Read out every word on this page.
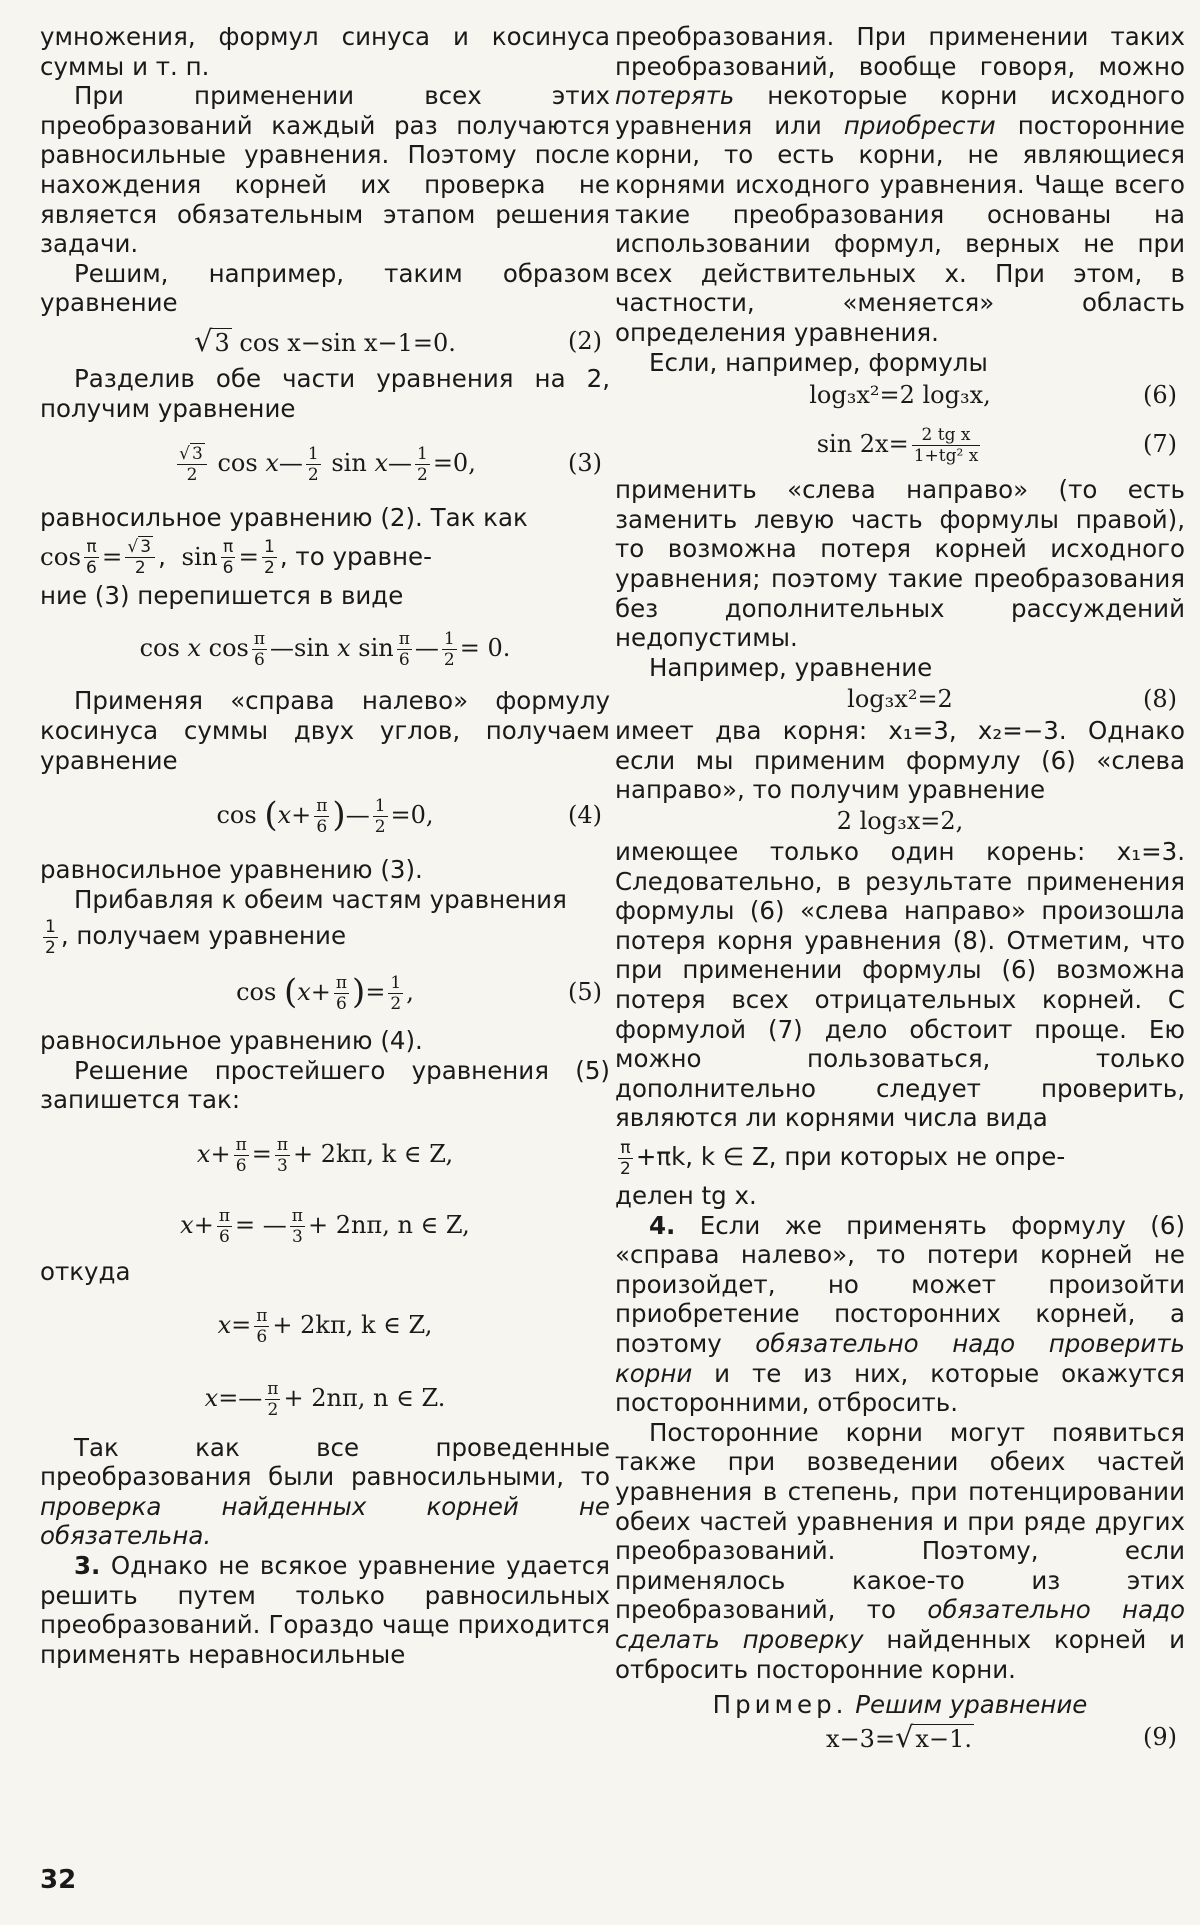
умножения, формул синуса и косинуса суммы и т. п.

При применении всех этих преобразований каждый раз получаются равносильные уравнения. Поэтому после нахождения корней их проверка не является обязательным этапом решения задачи.

Решим, например, таким образом уравнение

√3 cos x−sin x−1=0.	(2)

Разделив обе части уравнения на 2, получим уравнение

$\frac{√ 3}{2}$ cos x— $\frac{1}{2}$ sin x— $\frac{1}{2} =0$,	(3)

равносильное уравнению (2). Так как

$\cos \frac{\pi}{6} = \frac{√ 3}{2}$ ,  $\sin \frac{\pi}{6} = \frac{1}{2}$ , то уравне-

ние (3) перепишется в виде

cos x $\cos \frac{\pi}{6}$ —sin x $\sin \frac{\pi}{6}$ — $\frac{1}{2} = 0$.

Применяя «справа налево» формулу косинуса суммы двух углов, получаем уравнение

$\cos (x+ \frac{\pi}{6}$ )— $\frac{1}{2} =0$,	(4)

равносильное уравнению (3).

Прибавляя к обеим частям уравнения

$\frac{1}{2}$ , получаем уравнение

$\cos (x+ \frac{\pi}{6}$ )= $\frac{1}{2}$ ,	(5)

равносильное уравнению (4).

Решение простейшего уравнения (5) запишется так:

$x+ \frac{\pi}{6} = \frac{\pi}{3} + 2k\pi$, k ∈ Z,
$x+ \frac{\pi}{6}$ = — $\frac{\pi}{3} + 2n\pi$, n ∈ Z,

откуда

$x= \frac{\pi}{6} + 2k\pi$, k ∈ Z,
x=— $\frac{\pi}{2} + 2n\pi$, n ∈ Z.

Так как все проведенные преобразования были равносильными, то проверка найденных корней не обязательна.

3. Однако не всякое уравнение удается решить путем только равносильных преобразований. Гораздо чаще приходится применять неравносильные

преобразования. При применении таких преобразований, вообще говоря, можно потерять некоторые корни исходного уравнения или приобрести посторонние корни, то есть корни, не являющиеся корнями исходного уравнения. Чаще всего такие преобразования основаны на использовании формул, верных не при всех действительных x. При этом, в частности, «меняется» область определения уравнения.

Если, например, формулы

log₃x²=2 log₃x,	(6)
$\sin 2x= \frac{\text{2 tg x}}{\text{1+tg² x}}$	(7)

применить «слева направо» (то есть заменить левую часть формулы правой), то возможна потеря корней исходного уравнения; поэтому такие преобразования без дополнительных рассуждений недопустимы.

Например, уравнение

log₃x²=2	(8)

имеет два корня: x₁=3, x₂=−3. Однако если мы применим формулу (6) «слева направо», то получим уравнение

2 log₃x=2,

имеющее только один корень: x₁=3. Следовательно, в результате применения формулы (6) «слева направо» произошла потеря корня уравнения (8). Отметим, что при применении формулы (6) возможна потеря всех отрицательных корней. С формулой (7) дело обстоит проще. Ею можно пользоваться, только дополнительно следует проверить, являются ли корнями числа вида

$\frac{\pi}{2} +\pi k$, k ∈ Z, при которых не опре-

делен tg x.

4. Если же применять формулу (6) «справа налево», то потери корней не произойдет, но может произойти приобретение посторонних корней, а поэтому обязательно надо проверить корни и те из них, которые окажутся посторонними, отбросить.

Посторонние корни могут появиться также при возведении обеих частей уравнения в степень, при потенцировании обеих частей уравнения и при ряде других преобразований. Поэтому, если применялось какое-то из этих преобразований, то обязательно надо сделать проверку найденных корней и отбросить посторонние корни.

Пример. Решим уравнение

x−3=√x−1.	(9)
32
